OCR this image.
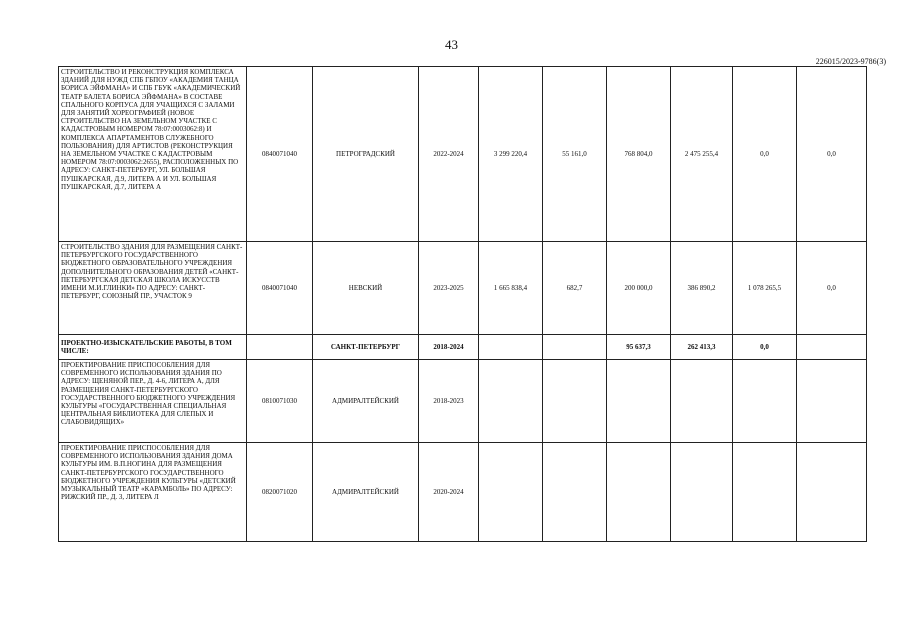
43
226015/2023-9786(3)
СТРОИТЕЛЬСТВО И РЕКОНСТРУКЦИЯ КОМПЛЕКСА ЗДАНИЙ ДЛЯ НУЖД СПБ ГБПОУ «АКАДЕМИЯ ТАНЦА БОРИСА ЭЙФМАНА» И СПБ ГБУК «АКАДЕМИЧЕСКИЙ ТЕАТР БАЛЕТА БОРИСА ЭЙФМАНА» В СОСТАВЕ СПАЛЬНОГО КОРПУСА ДЛЯ УЧАЩИХСЯ С ЗАЛАМИ ДЛЯ ЗАНЯТИЙ ХОРЕОГРАФИЕЙ (НОВОЕ СТРОИТЕЛЬСТВО НА ЗЕМЕЛЬНОМ УЧАСТКЕ С КАДАСТРОВЫМ НОМЕРОМ 78:07:0003062:8) И КОМПЛЕКСА АПАРТАМЕНТОВ СЛУЖЕБНОГО ПОЛЬЗОВАНИЯ) ДЛЯ АРТИСТОВ (РЕКОНСТРУКЦИЯ НА ЗЕМЕЛЬНОМ УЧАСТКЕ С КАДАСТРОВЫМ НОМЕРОМ 78:07:0003062:2655), РАСПОЛОЖЕННЫХ ПО АДРЕСУ: САНКТ-ПЕТЕРБУРГ, УЛ. БОЛЬШАЯ ПУШКАРСКАЯ, Д.9, ЛИТЕРА А И УЛ. БОЛЬШАЯ ПУШКАРСКАЯ, Д.7, ЛИТЕРА А	0840071040	ПЕТРОГРАДСКИЙ	2022-2024	3 299 220,4	55 161,0	768 804,0	2 475 255,4	0,0	0,0
СТРОИТЕЛЬСТВО ЗДАНИЯ ДЛЯ РАЗМЕЩЕНИЯ САНКТ-ПЕТЕРБУРГСКОГО ГОСУДАРСТВЕННОГО БЮДЖЕТНОГО ОБРАЗОВАТЕЛЬНОГО УЧРЕЖДЕНИЯ ДОПОЛНИТЕЛЬНОГО ОБРАЗОВАНИЯ ДЕТЕЙ «САНКТ-ПЕТЕРБУРГСКАЯ ДЕТСКАЯ ШКОЛА ИСКУССТВ ИМЕНИ М.И.ГЛИНКИ» ПО АДРЕСУ: САНКТ-ПЕТЕРБУРГ, СОЮЗНЫЙ ПР., УЧАСТОК 9	0840071040	НЕВСКИЙ	2023-2025	1 665 838,4	682,7	200 000,0	386 890,2	1 078 265,5	0,0
ПРОЕКТНО-ИЗЫСКАТЕЛЬСКИЕ РАБОТЫ, В ТОМ ЧИСЛЕ:		САНКТ-ПЕТЕРБУРГ	2018-2024			95 637,3	262 413,3	0,0	
ПРОЕКТИРОВАНИЕ ПРИСПОСОБЛЕНИЯ ДЛЯ СОВРЕМЕННОГО ИСПОЛЬЗОВАНИЯ ЗДАНИЯ ПО АДРЕСУ: ЩЕНЯНОЙ ПЕР., Д. 4-6, ЛИТЕРА А, ДЛЯ РАЗМЕЩЕНИЯ САНКТ-ПЕТЕРБУРГСКОГО ГОСУДАРСТВЕННОГО БЮДЖЕТНОГО УЧРЕЖДЕНИЯ КУЛЬТУРЫ «ГОСУДАРСТВЕННАЯ СПЕЦИАЛЬНАЯ ЦЕНТРАЛЬНАЯ БИБЛИОТЕКА ДЛЯ СЛЕПЫХ И СЛАБОВИДЯЩИХ»	0810071030	АДМИРАЛТЕЙСКИЙ	2018-2023						
ПРОЕКТИРОВАНИЕ ПРИСПОСОБЛЕНИЯ ДЛЯ СОВРЕМЕННОГО ИСПОЛЬЗОВАНИЯ ЗДАНИЯ ДОМА КУЛЬТУРЫ ИМ. В.П.НОГИНА ДЛЯ РАЗМЕЩЕНИЯ САНКТ-ПЕТЕРБУРГСКОГО ГОСУДАРСТВЕННОГО БЮДЖЕТНОГО УЧРЕЖДЕНИЯ КУЛЬТУРЫ «ДЕТСКИЙ МУЗЫКАЛЬНЫЙ ТЕАТР «КАРАМБОЛЬ» ПО АДРЕСУ: РИЖСКИЙ ПР., Д. 3, ЛИТЕРА Л	0820071020	АДМИРАЛТЕЙСКИЙ	2020-2024						
